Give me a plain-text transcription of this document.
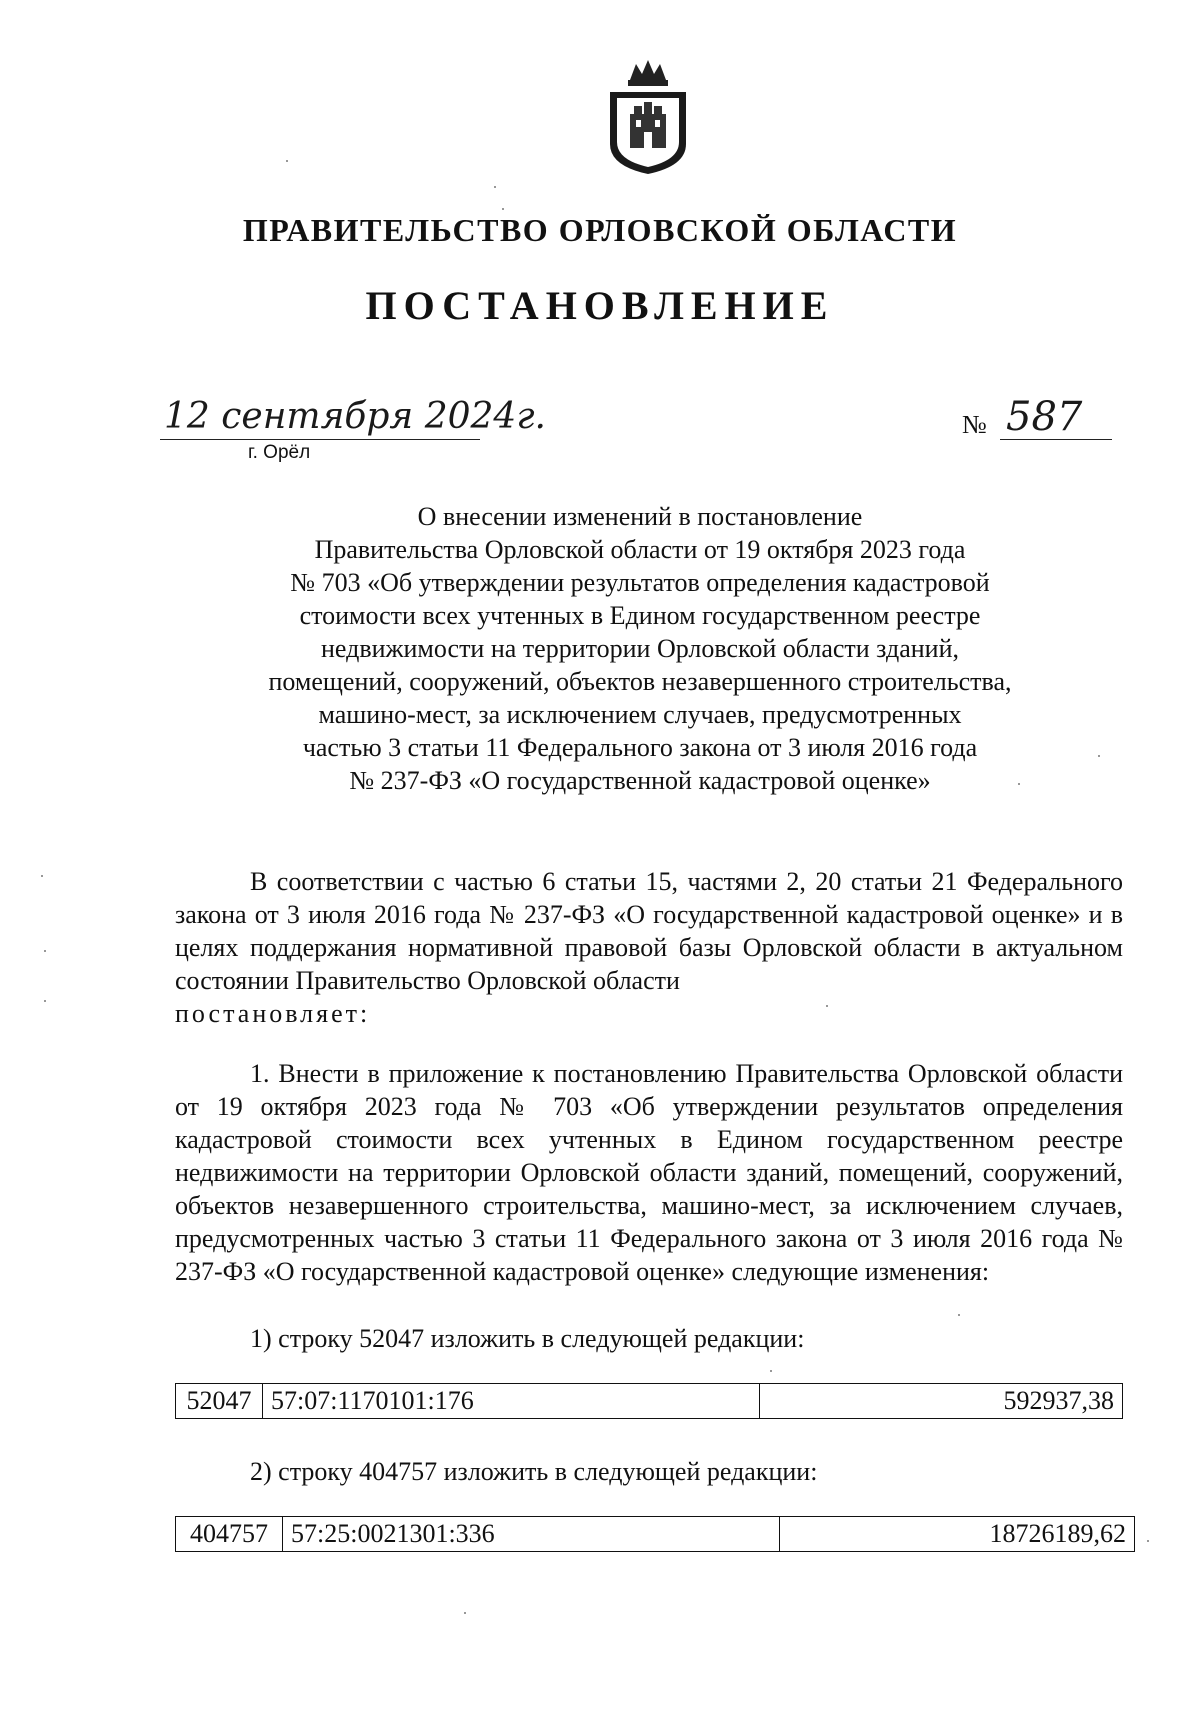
ПРАВИТЕЛЬСТВО ОРЛОВСКОЙ ОБЛАСТИ
ПОСТАНОВЛЕНИЕ
12 сентября 2024г.
г. Орёл
№ 587
О внесении изменений в постановление
Правительства Орловской области от 19 октября 2023 года
№ 703 «Об утверждении результатов определения кадастровой
стоимости всех учтенных в Едином государственном реестре
недвижимости на территории Орловской области зданий,
помещений, сооружений, объектов незавершенного строительства,
машино-мест, за исключением случаев, предусмотренных
частью 3 статьи 11 Федерального закона от 3 июля 2016 года
№ 237-ФЗ «О государственной кадастровой оценке»
В соответствии с частью 6 статьи 15, частями 2, 20 статьи 21 Федерального закона от 3 июля 2016 года № 237-ФЗ «О государственной кадастровой оценке» и в целях поддержания нормативной правовой базы Орловской области в актуальном состоянии Правительство Орловской области
постановляет:
1. Внести в приложение к постановлению Правительства Орловской области от 19 октября 2023 года № 703 «Об утверждении результатов определения кадастровой стоимости всех учтенных в Едином государственном реестре недвижимости на территории Орловской области зданий, помещений, сооружений, объектов незавершенного строительства, машино-мест, за исключением случаев, предусмотренных частью 3 статьи 11 Федерального закона от 3 июля 2016 года № 237-ФЗ «О государственной кадастровой оценке» следующие изменения:
1) строку 52047 изложить в следующей редакции:
52047	57:07:1170101:176	592937,38
2) строку 404757 изложить в следующей редакции:
404757	57:25:0021301:336	18726189,62
